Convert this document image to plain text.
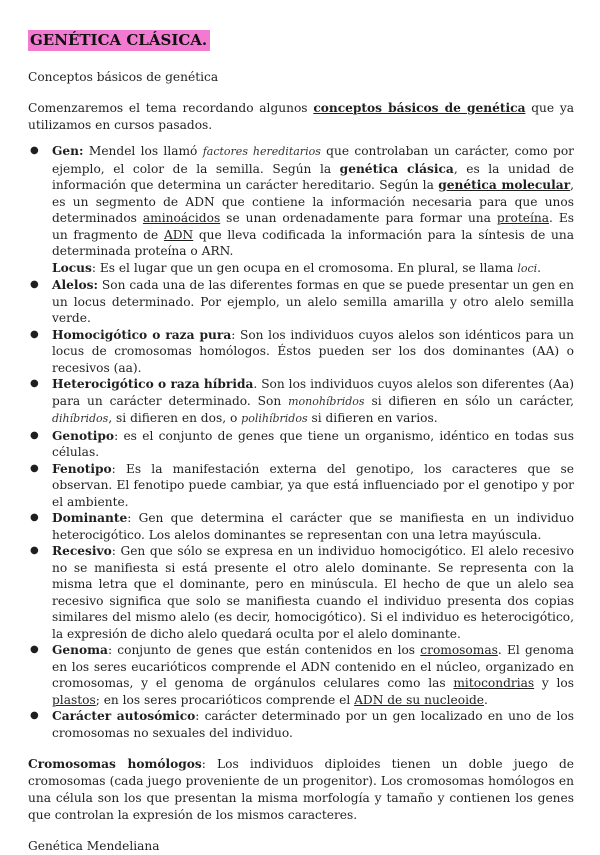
GENÉTICA CLÁSICA.

Conceptos básicos de genética

Comenzaremos el tema recordando algunos conceptos básicos de genética que ya utilizamos en cursos pasados.

● Gen: Mendel los llamó factores hereditarios que controlaban un carácter, como por ejemplo, el color de la semilla. Según la genética clásica, es la unidad de información que determina un carácter hereditario. Según la genética molecular, es un segmento de ADN que contiene la información necesaria para que unos determinados aminoácidos se unan ordenadamente para formar una proteína. Es un fragmento de ADN que lleva codificada la información para la síntesis de una determinada proteína o ARN.
Locus: Es el lugar que un gen ocupa en el cromosoma. En plural, se llama loci.
● Alelos: Son cada una de las diferentes formas en que se puede presentar un gen en un locus determinado. Por ejemplo, un alelo semilla amarilla y otro alelo semilla verde.
● Homocigótico o raza pura: Son los individuos cuyos alelos son idénticos para un locus de cromosomas homólogos. Éstos pueden ser los dos dominantes (AA) o recesivos (aa).
● Heterocigótico o raza híbrida. Son los individuos cuyos alelos son diferentes (Aa) para un carácter determinado. Son monohíbridos si difieren en sólo un carácter, dihíbridos, si difieren en dos, o polihíbridos si difieren en varios.
● Genotipo: es el conjunto de genes que tiene un organismo, idéntico en todas sus células.
● Fenotipo: Es la manifestación externa del genotipo, los caracteres que se observan. El fenotipo puede cambiar, ya que está influenciado por el genotipo y por el ambiente.
● Dominante: Gen que determina el carácter que se manifiesta en un individuo heterocigótico. Los alelos dominantes se representan con una letra mayúscula.
● Recesivo: Gen que sólo se expresa en un individuo homocigótico. El alelo recesivo no se manifiesta si está presente el otro alelo dominante. Se representa con la misma letra que el dominante, pero en minúscula. El hecho de que un alelo sea recesivo significa que solo se manifiesta cuando el individuo presenta dos copias similares del mismo alelo (es decir, homocigótico). Si el individuo es heterocigótico, la expresión de dicho alelo quedará oculta por el alelo dominante.
● Genoma: conjunto de genes que están contenidos en los cromosomas. El genoma en los seres eucarióticos comprende el ADN contenido en el núcleo, organizado en cromosomas, y el genoma de orgánulos celulares como las mitocondrias y los plastos; en los seres procarióticos comprende el ADN de su nucleoide.
● Carácter autosómico: carácter determinado por un gen localizado en uno de los cromosomas no sexuales del individuo.

Cromosomas homólogos: Los individuos diploides tienen un doble juego de cromosomas (cada juego proveniente de un progenitor). Los cromosomas homólogos en una célula son los que presentan la misma morfología y tamaño y contienen los genes que controlan la expresión de los mismos caracteres.

Genética Mendeliana
